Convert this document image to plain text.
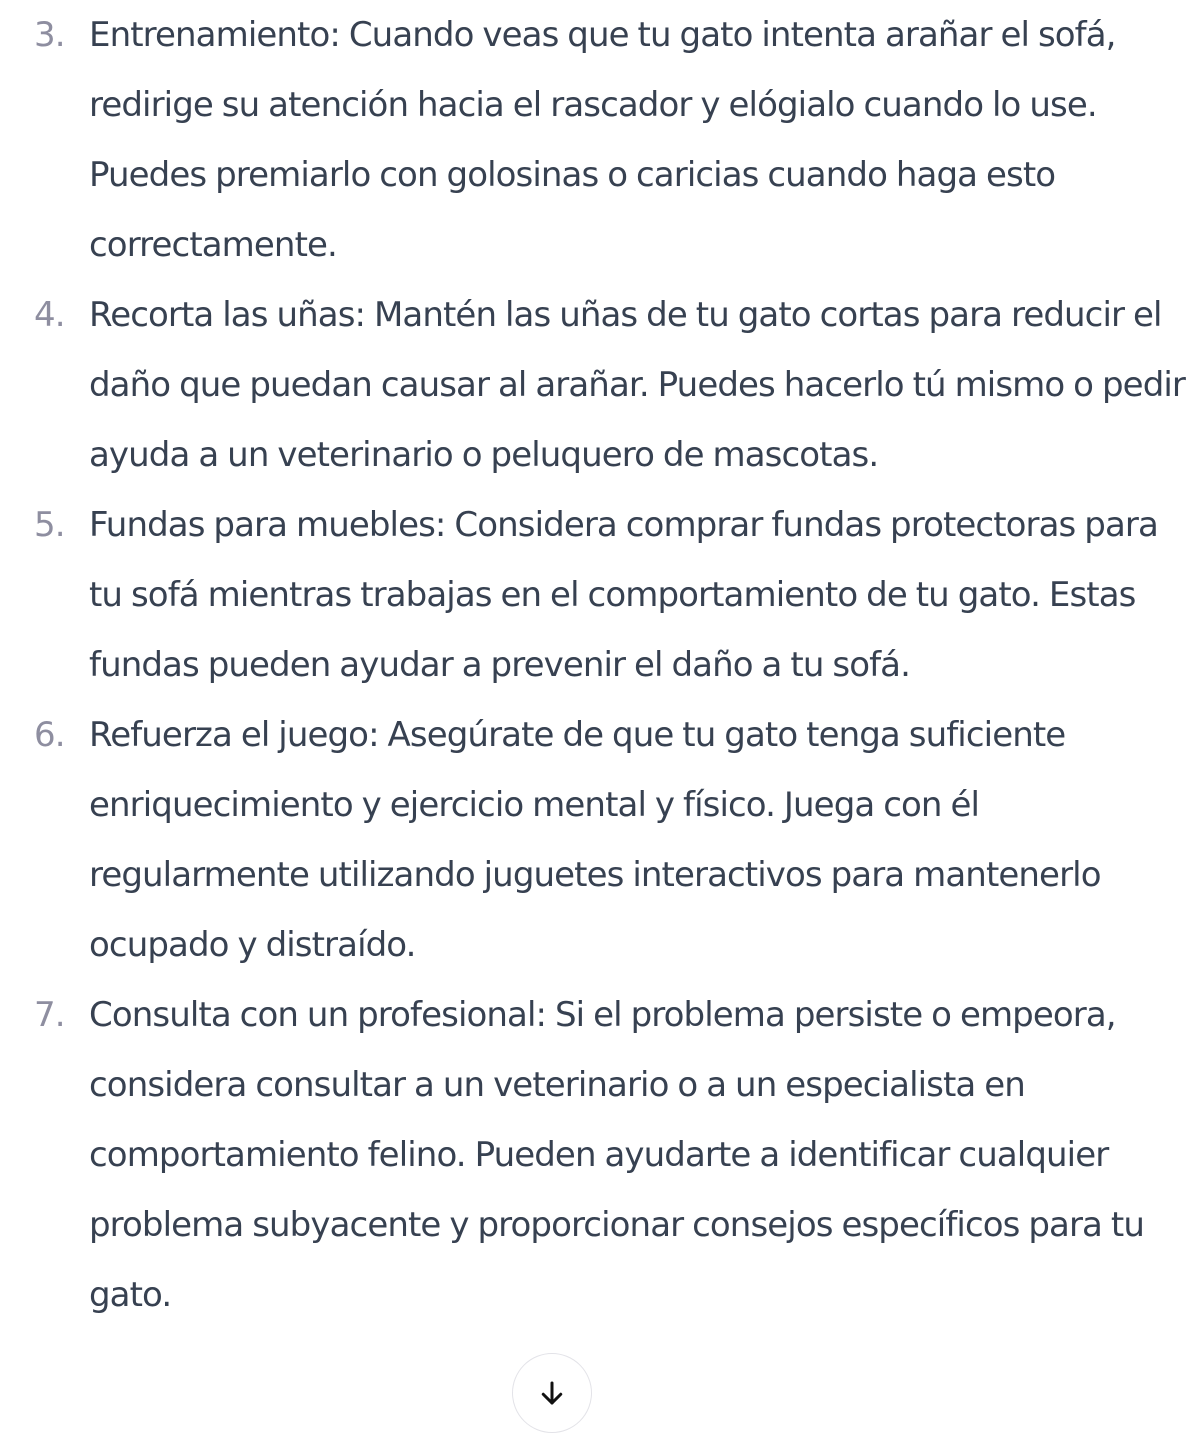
3. Entrenamiento: Cuando veas que tu gato intenta arañar el sofá, redirige su atención hacia el rascador y elógialo cuando lo use. Puedes premiarlo con golosinas o caricias cuando haga esto correctamente.
4. Recorta las uñas: Mantén las uñas de tu gato cortas para reducir el daño que puedan causar al arañar. Puedes hacerlo tú mismo o pedir ayuda a un veterinario o peluquero de mascotas.
5. Fundas para muebles: Considera comprar fundas protectoras para tu sofá mientras trabajas en el comportamiento de tu gato. Estas fundas pueden ayudar a prevenir el daño a tu sofá.
6. Refuerza el juego: Asegúrate de que tu gato tenga suficiente enriquecimiento y ejercicio mental y físico. Juega con él regularmente utilizando juguetes interactivos para mantenerlo ocupado y distraído.
7. Consulta con un profesional: Si el problema persiste o empeora, considera consultar a un veterinario o a un especialista en comportamiento felino. Pueden ayudarte a identificar cualquier problema subyacente y proporcionar consejos específicos para tu gato.
